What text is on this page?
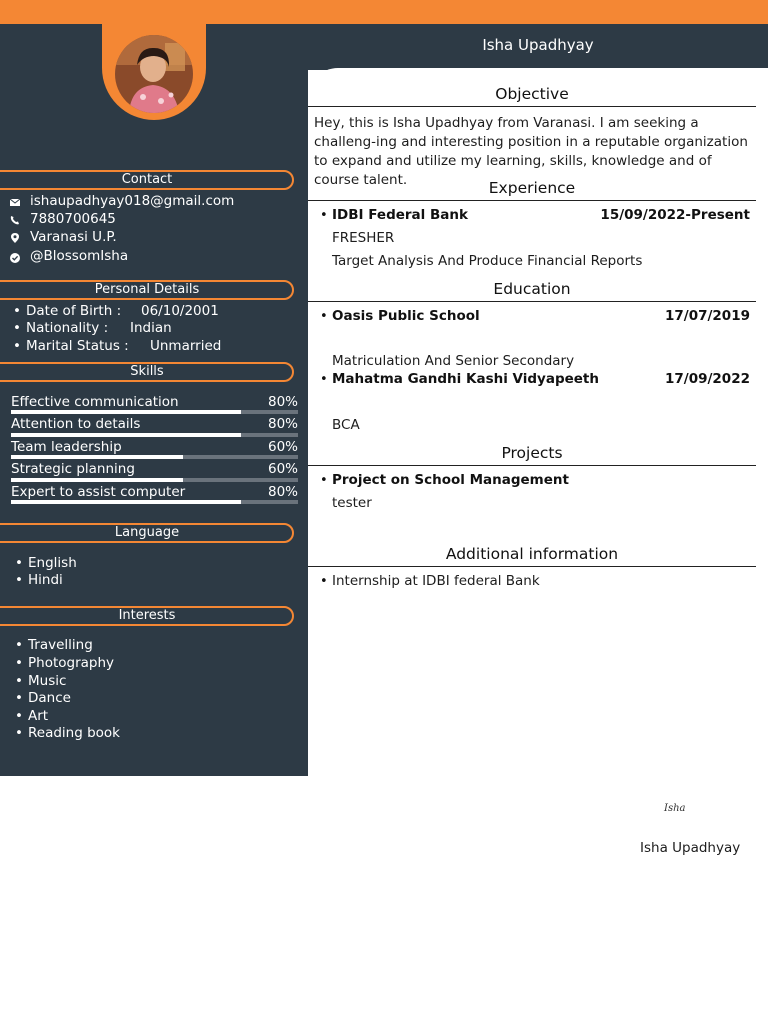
Isha Upadhyay
Contact
ishaupadhyay018@gmail.com
7880700645
Varanasi U.P.
@BlossomIsha
Personal Details
• Date of Birth : 06/10/2001
• Nationality : Indian
• Marital Status : Unmarried
Skills
Effective communication	80%
Attention to details	80%
Team leadership	60%
Strategic planning	60%
Expert to assist computer	80%
Language
• English
• Hindi
Interests
• Travelling
• Photography
• Music
• Dance
• Art
• Reading book
Objective
Hey, this is Isha Upadhyay from Varanasi. I am seeking a challeng-ing and interesting position in a reputable organization to expand and utilize my learning, skills, knowledge and of course talent.	Experience
• IDBI Federal Bank	15/09/2022-Present
FRESHER
Target Analysis And Produce Financial Reports
Education
• Oasis Public School	17/07/2019
Matriculation And Senior Secondary
• Mahatma Gandhi Kashi Vidyapeeth	17/09/2022
BCA
Projects
• Project on School Management
tester
Additional information
• Internship at IDBI federal Bank
Isha
Isha Upadhyay
